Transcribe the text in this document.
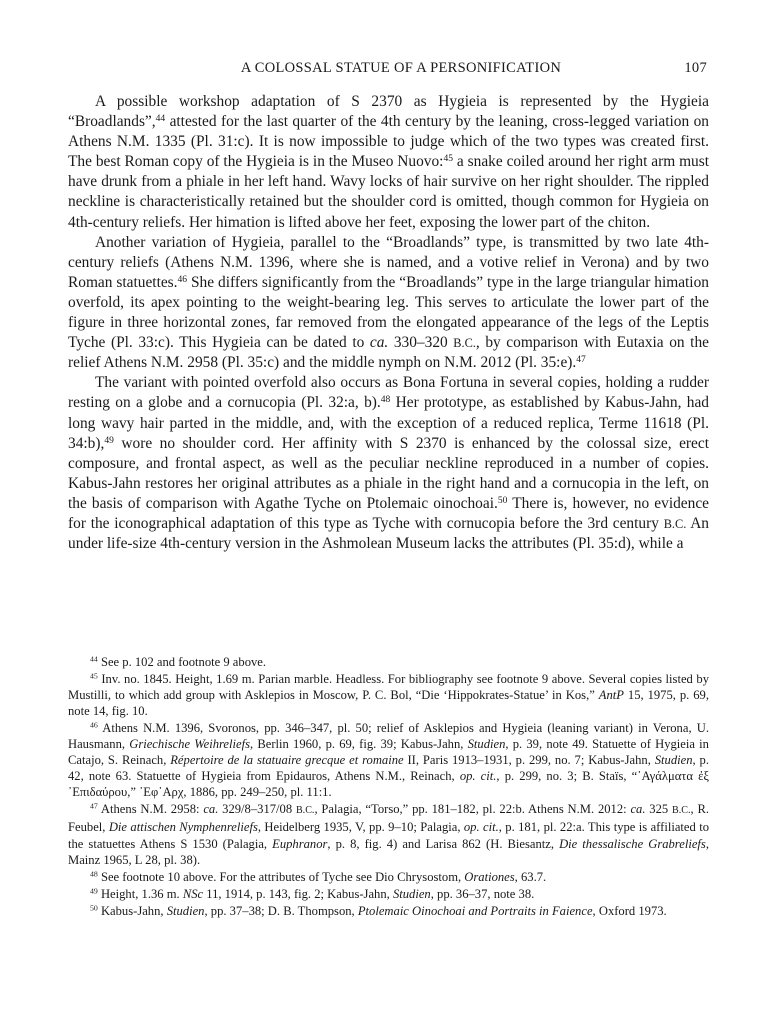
A COLOSSAL STATUE OF A PERSONIFICATION	107

A possible workshop adaptation of S 2370 as Hygieia is represented by the Hygieia “Broadlands”,$^{44}$ attested for the last quarter of the 4th century by the leaning, cross-legged variation on Athens N.M. 1335 (Pl. 31:c). It is now impossible to judge which of the two types was created first. The best Roman copy of the Hygieia is in the Museo Nuovo:$^{45}$ a snake coiled around her right arm must have drunk from a phiale in her left hand. Wavy locks of hair survive on her right shoulder. The rippled neckline is characteristically retained but the shoulder cord is omitted, though common for Hygieia on 4th-century reliefs. Her himation is lifted above her feet, exposing the lower part of the chiton.

Another variation of Hygieia, parallel to the “Broadlands” type, is transmitted by two late 4th-century reliefs (Athens N.M. 1396, where she is named, and a votive relief in Verona) and by two Roman statuettes.$^{46}$ She differs significantly from the “Broadlands” type in the large triangular himation overfold, its apex pointing to the weight-bearing leg. This serves to articulate the lower part of the figure in three horizontal zones, far removed from the elongated appearance of the legs of the Leptis Tyche (Pl. 33:c). This Hygieia can be dated to ca. 330–320 B.C., by comparison with Eutaxia on the relief Athens N.M. 2958 (Pl. 35:c) and the middle nymph on N.M. 2012 (Pl. 35:e).$^{47}$

The variant with pointed overfold also occurs as Bona Fortuna in several copies, holding a rudder resting on a globe and a cornucopia (Pl. 32:a, b).$^{48}$ Her prototype, as established by Kabus-Jahn, had long wavy hair parted in the middle, and, with the exception of a reduced replica, Terme 11618 (Pl. 34:b),$^{49}$ wore no shoulder cord. Her affinity with S 2370 is enhanced by the colossal size, erect composure, and frontal aspect, as well as the peculiar neckline reproduced in a number of copies. Kabus-Jahn restores her original attributes as a phiale in the right hand and a cornucopia in the left, on the basis of comparison with Agathe Tyche on Ptolemaic oinochoai.$^{50}$ There is, however, no evidence for the iconographical adaptation of this type as Tyche with cornucopia before the 3rd century B.C. An under life-size 4th-century version in the Ashmolean Museum lacks the attributes (Pl. 35:d), while a

$^{44}$ See p. 102 and footnote 9 above.

$^{45}$ Inv. no. 1845. Height, 1.69 m. Parian marble. Headless. For bibliography see footnote 9 above. Several copies listed by Mustilli, to which add group with Asklepios in Moscow, P. C. Bol, “Die ‘Hippokrates-Statue’ in Kos,” AntP 15, 1975, p. 69, note 14, fig. 10.

$^{46}$ Athens N.M. 1396, Svoronos, pp. 346–347, pl. 50; relief of Asklepios and Hygieia (leaning variant) in Verona, U. Hausmann, Griechische Weihreliefs, Berlin 1960, p. 69, fig. 39; Kabus-Jahn, Studien, p. 39, note 49. Statuette of Hygieia in Catajo, S. Reinach, Répertoire de la statuaire grecque et romaine II, Paris 1913–1931, p. 299, no. 7; Kabus-Jahn, Studien, p. 42, note 63. Statuette of Hygieia from Epidauros, Athens N.M., Reinach, op. cit., p. 299, no. 3; B. Staïs, “᾽Αγάλματα ἐξ ᾽Επιδαύρου,” ᾽Εφ᾽Αρχ, 1886, pp. 249–250, pl. 11:1.

$^{47}$ Athens N.M. 2958: ca. 329/8–317/08 B.C., Palagia, “Torso,” pp. 181–182, pl. 22:b. Athens N.M. 2012: ca. 325 B.C., R. Feubel, Die attischen Nymphenreliefs, Heidelberg 1935, V, pp. 9–10; Palagia, op. cit., p. 181, pl. 22:a. This type is affiliated to the statuettes Athens S 1530 (Palagia, Euphranor, p. 8, fig. 4) and Larisa 862 (H. Biesantz, Die thessalische Grabreliefs, Mainz 1965, L 28, pl. 38).

$^{48}$ See footnote 10 above. For the attributes of Tyche see Dio Chrysostom, Orationes, 63.7.

$^{49}$ Height, 1.36 m. NSc 11, 1914, p. 143, fig. 2; Kabus-Jahn, Studien, pp. 36–37, note 38.

$^{50}$ Kabus-Jahn, Studien, pp. 37–38; D. B. Thompson, Ptolemaic Oinochoai and Portraits in Faience, Oxford 1973.
